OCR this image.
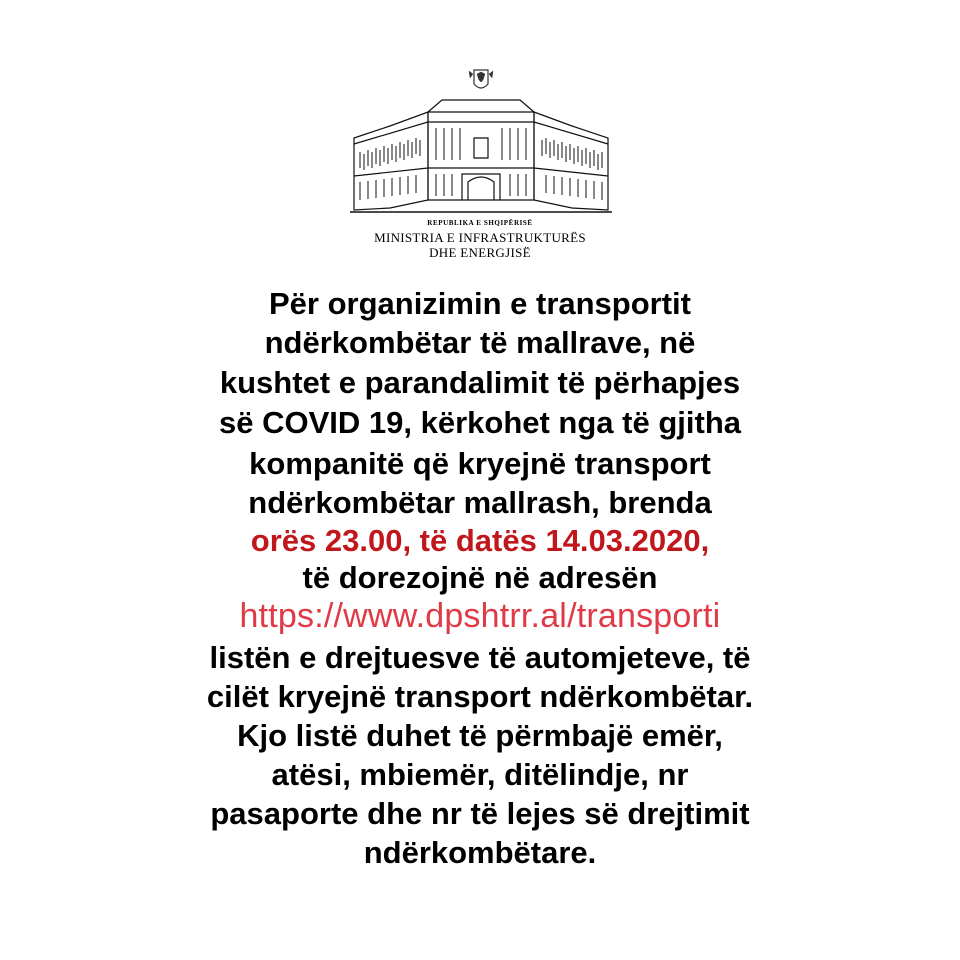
REPUBLIKA E SHQIPËRISË
MINISTRIA E INFRASTRUKTURËS
DHE ENERGJISË
Për organizimin e transportit
ndërkombëtar të mallrave, në
kushtet e parandalimit të përhapjes
së COVID 19, kërkohet nga të gjitha
kompanitë që kryejnë transport
ndërkombëtar mallrash, brenda
orës 23.00, të datës 14.03.2020,
të dorezojnë në adresën
https://www.dpshtrr.al/transporti
listën e drejtuesve të automjeteve, të
cilët kryejnë transport ndërkombëtar.
Kjo listë duhet të përmbajë emër,
atësi, mbiemër, ditëlindje, nr
pasaporte dhe nr të lejes së drejtimit
ndërkombëtare.
